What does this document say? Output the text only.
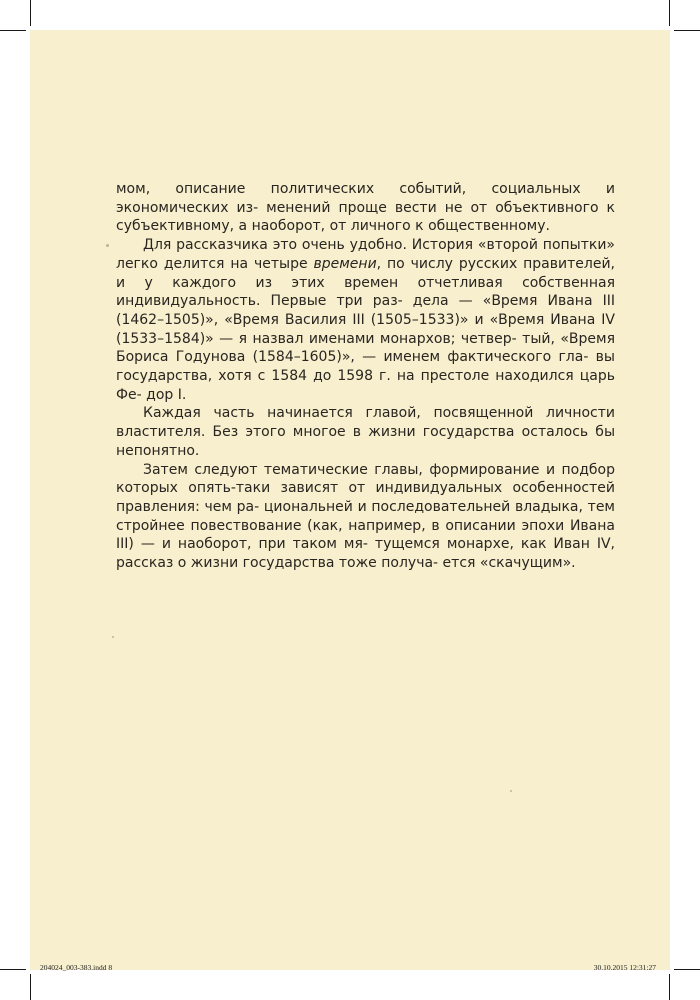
мом, описание политических событий, социальных и экономических из- менений проще вести не от объективного к субъективному, а наоборот, от личного к общественному.

Для рассказчика это очень удобно. История «второй попытки» легко делится на четыре времени, по числу русских правителей, и у каждого из этих времен отчетливая собственная индивидуальность. Первые три раз- дела — «Время Ивана III (1462–1505)», «Время Василия III (1505–1533)» и «Время Ивана IV (1533–1584)» — я назвал именами монархов; четвер- тый, «Время Бориса Годунова (1584–1605)», — именем фактического гла- вы государства, хотя с 1584 до 1598 г. на престоле находился царь Фе- дор I.

Каждая часть начинается главой, посвященной личности властителя. Без этого многое в жизни государства осталось бы непонятно.

Затем следуют тематические главы, формирование и подбор которых опять-таки зависят от индивидуальных особенностей правления: чем ра- циональней и последовательней владыка, тем стройнее повествование (как, например, в описании эпохи Ивана III) — и наоборот, при таком мя- тущемся монархе, как Иван IV, рассказ о жизни государства тоже получа- ется «скачущим».

204024_003-383.indd 8	30.10.2015 12:31:27
